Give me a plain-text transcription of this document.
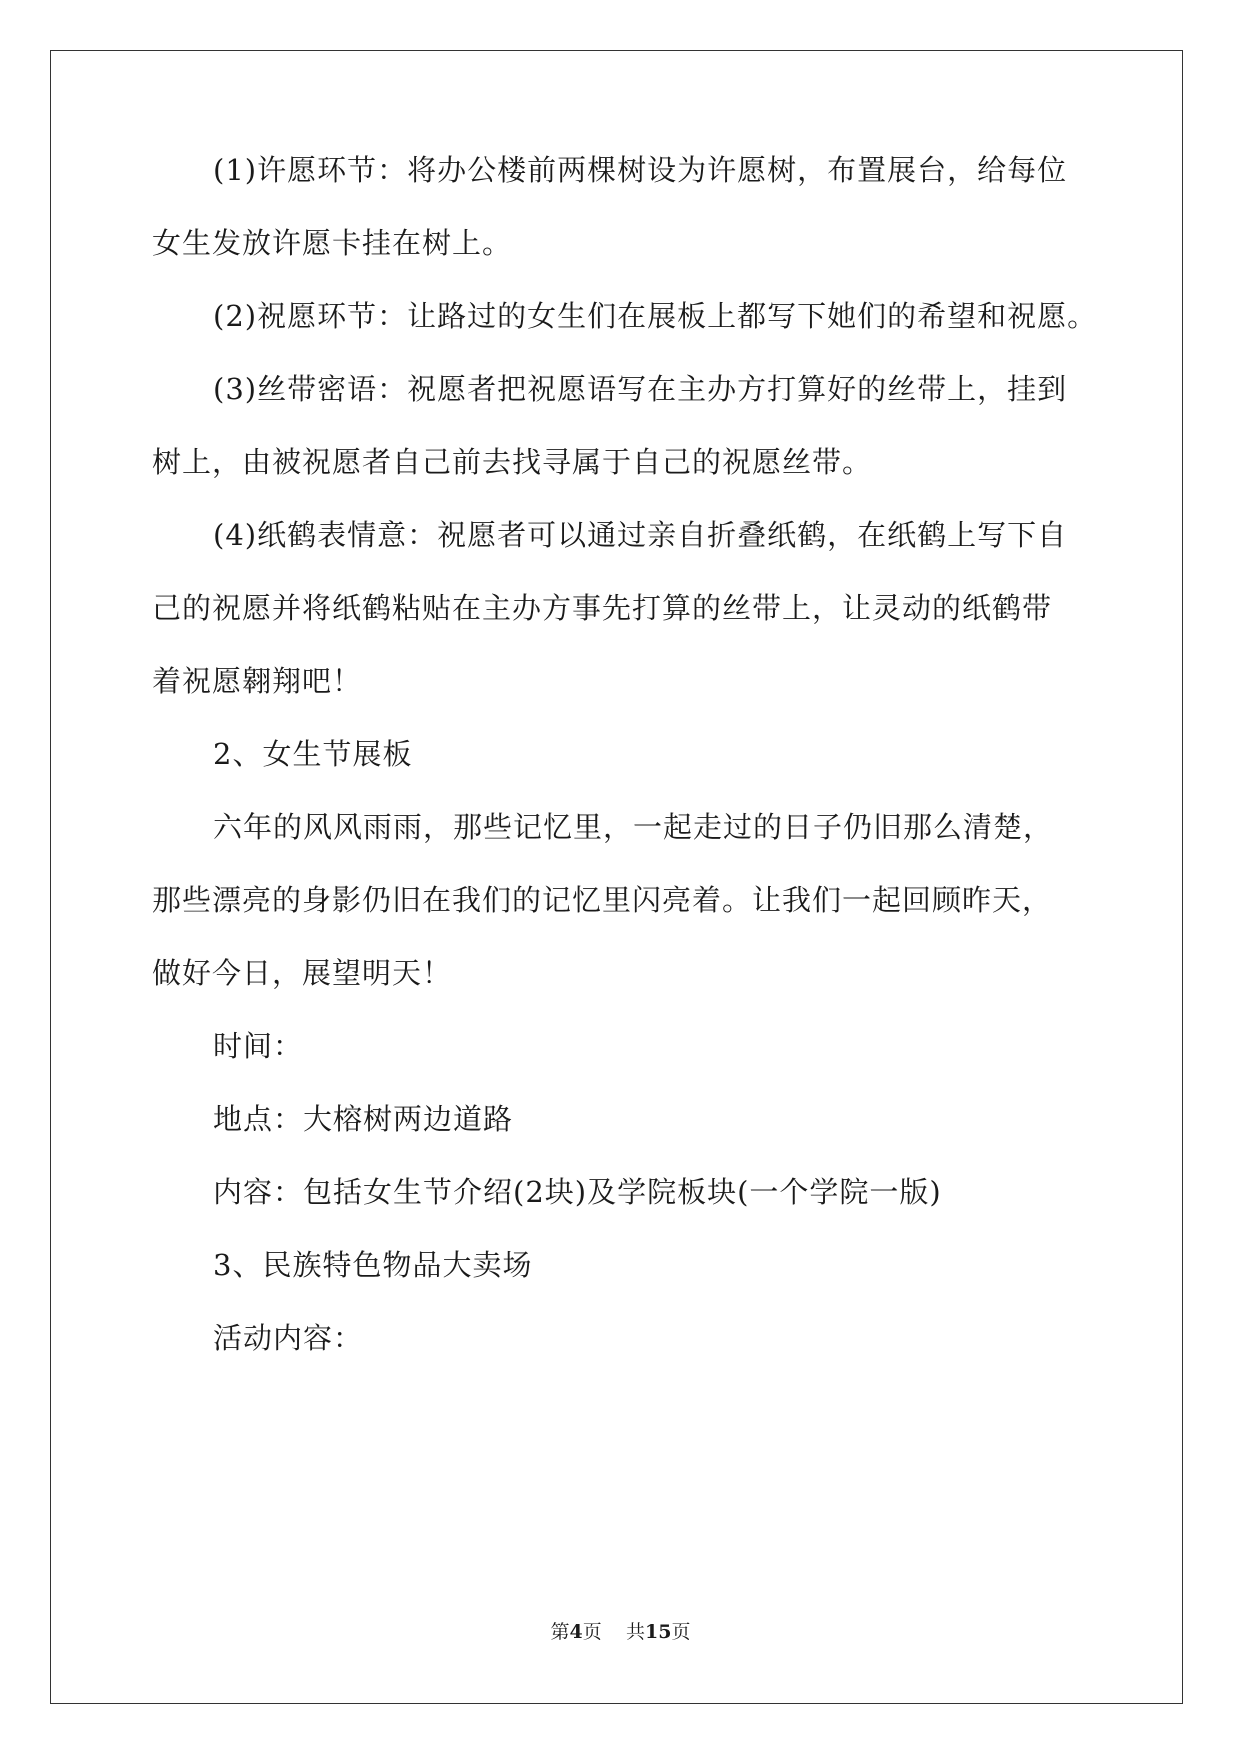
(1)许愿环节：将办公楼前两棵树设为许愿树，布置展台，给每位
女生发放许愿卡挂在树上。
(2)祝愿环节：让路过的女生们在展板上都写下她们的希望和祝愿。
(3)丝带密语：祝愿者把祝愿语写在主办方打算好的丝带上，挂到
树上，由被祝愿者自己前去找寻属于自己的祝愿丝带。
(4)纸鹤表情意：祝愿者可以通过亲自折叠纸鹤，在纸鹤上写下自
己的祝愿并将纸鹤粘贴在主办方事先打算的丝带上，让灵动的纸鹤带
着祝愿翱翔吧！
2、女生节展板
六年的风风雨雨，那些记忆里，一起走过的日子仍旧那么清楚，
那些漂亮的身影仍旧在我们的记忆里闪亮着。让我们一起回顾昨天，
做好今日，展望明天！
时间：
地点：大榕树两边道路
内容：包括女生节介绍(2块)及学院板块(一个学院一版)
3、民族特色物品大卖场
活动内容：
第4页 共15页
